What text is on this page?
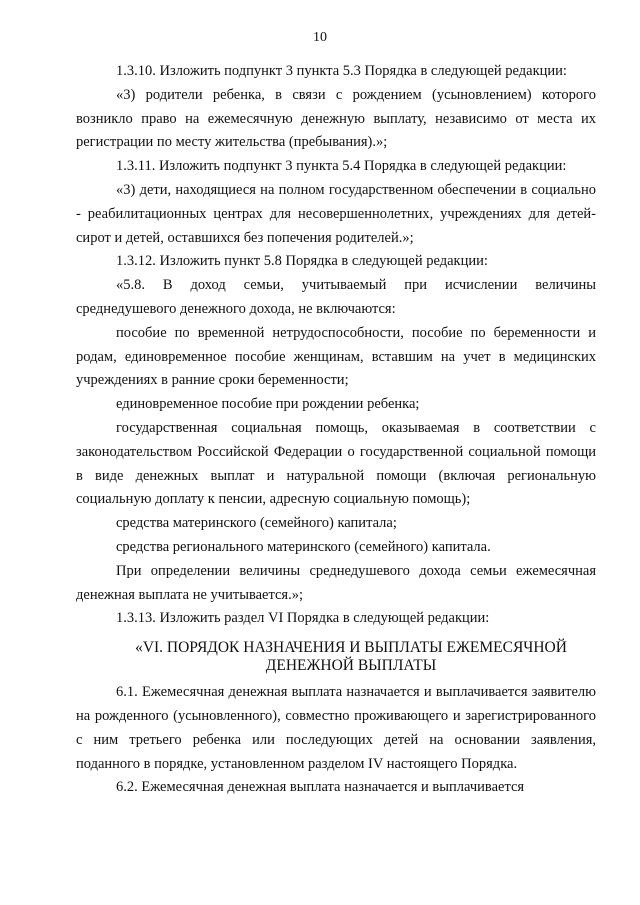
10

1.3.10. Изложить подпункт 3 пункта 5.3 Порядка в следующей редакции:

«3) родители ребенка, в связи с рождением (усыновлением) которого возникло право на ежемесячную денежную выплату, независимо от места их регистрации по месту жительства (пребывания).»;

1.3.11. Изложить подпункт 3 пункта 5.4 Порядка в следующей редакции:

«3) дети, находящиеся на полном государственном обеспечении в социально - реабилитационных центрах для несовершеннолетних, учреждениях для детей-сирот и детей, оставшихся без попечения родителей.»;

1.3.12. Изложить пункт 5.8 Порядка в следующей редакции:

«5.8. В доход семьи, учитываемый при исчислении величины среднедушевого денежного дохода, не включаются:

пособие по временной нетрудоспособности, пособие по беременности и родам, единовременное пособие женщинам, вставшим на учет в медицинских учреждениях в ранние сроки беременности;

единовременное пособие при рождении ребенка;

государственная социальная помощь, оказываемая в соответствии с законодательством Российской Федерации о государственной социальной помощи в виде денежных выплат и натуральной помощи (включая региональную социальную доплату к пенсии, адресную социальную помощь);

средства материнского (семейного) капитала;

средства регионального материнского (семейного) капитала.

При определении величины среднедушевого дохода семьи ежемесячная денежная выплата не учитывается.»;

1.3.13. Изложить раздел VI Порядка в следующей редакции:

«VI. ПОРЯДОК НАЗНАЧЕНИЯ И ВЫПЛАТЫ ЕЖЕМЕСЯЧНОЙ
ДЕНЕЖНОЙ ВЫПЛАТЫ

6.1. Ежемесячная денежная выплата назначается и выплачивается заявителю на рожденного (усыновленного), совместно проживающего и зарегистрированного с ним третьего ребенка или последующих детей на основании заявления, поданного в порядке, установленном разделом IV настоящего Порядка.

6.2. Ежемесячная денежная выплата назначается и выплачивается
